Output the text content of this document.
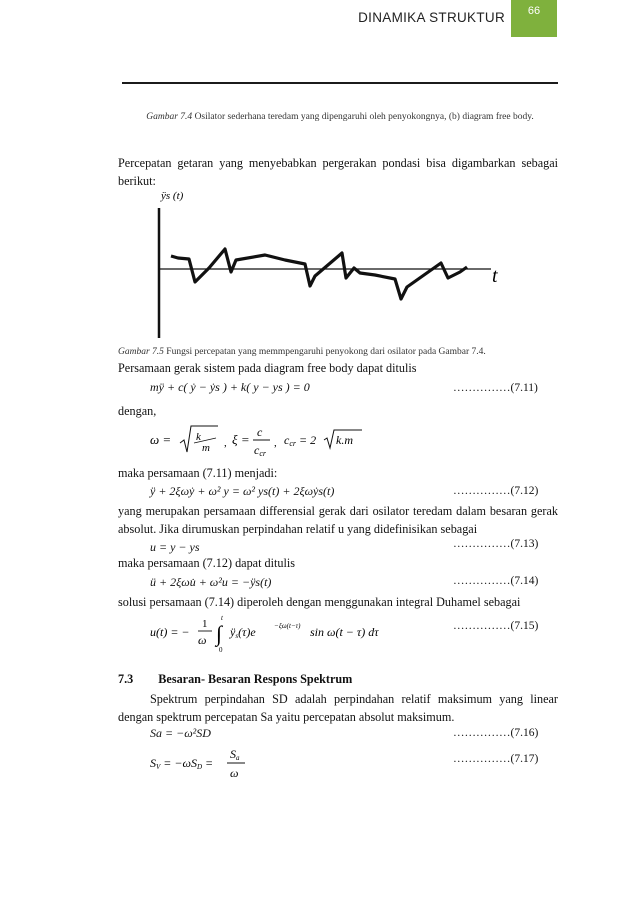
DINAMIKA STRUKTUR	66
Gambar 7.4 Osilator sederhana teredam yang dipengaruhi oleh penyokongnya, (b) diagram free body.
Percepatan getaran yang menyebabkan pergerakan pondasi bisa digambarkan sebagai berikut:
ÿs (t)
t
Gambar 7.5 Fungsi percepatan yang memmpengaruhi penyokong dari osilator pada Gambar 7.4.
Persamaan gerak sistem pada diagram free body dapat ditulis
mÿ + c( ẏ − ẏs ) + k( y − ys ) = 0	……………(7.11)
dengan,
ω = k
m , ξ = c
ccr
, ccr = 2 k.m
maka persamaan (7.11) menjadi:
ÿ + 2ξωẏ + ω² y = ω² ys(t) + 2ξωẏs(t)	……………(7.12)
yang merupakan persamaan differensial gerak dari osilator teredam dalam besaran gerak absolut. Jika dirumuskan perpindahan relatif u yang didefinisikan sebagai
u = y − ys	……………(7.13)
maka persamaan (7.12) dapat ditulis
ü + 2ξωu̇ + ω²u = −ÿs(t)	……………(7.14)
solusi persamaan (7.14) diperoleh dengan menggunakan integral Duhamel sebagai
u(t) = −
1
ω ∫
t
0
ÿs(τ)e	−ξω(t−τ) sin ω(t − τ) dτ	……………(7.15)
7.3 Besaran- Besaran Respons Spektrum
Spektrum perpindahan SD adalah perpindahan relatif maksimum yang linear dengan spektrum percepatan Sa yaitu percepatan absolut maksimum.
Sa = −ω²SD	……………(7.16)
SV = −ωSD =
Sa
ω
……………(7.17)
